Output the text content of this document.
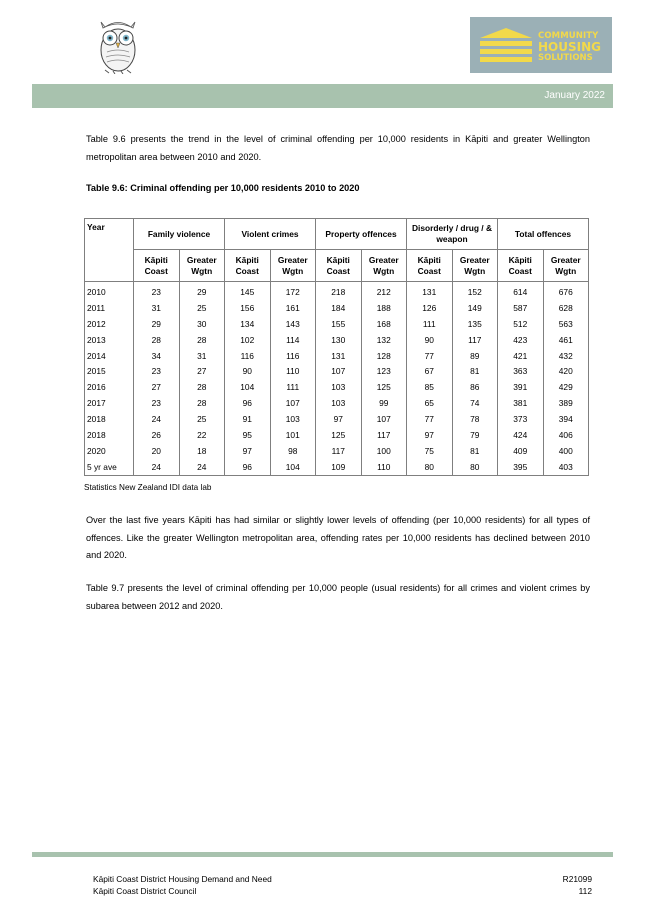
COMMUNITY
HOUSING
SOLUTIONS
January 2022

Table 9.6 presents the trend in the level of criminal offending per 10,000 residents in Kāpiti and greater Wellington metropolitan area between 2010 and 2020.

Table 9.6: Criminal offending per 10,000 residents 2010 to 2020

Year	Family violence		Violent crimes		Property offences		Disorderly / drug / & weapon		Total offences	
	Kāpiti Coast	Greater Wgtn	Kāpiti Coast	Greater Wgtn	Kāpiti Coast	Greater Wgtn	Kāpiti Coast	Greater Wgtn	Kāpiti Coast	Greater Wgtn
2010	23	29	145	172	218	212	131	152	614	676
2011	31	25	156	161	184	188	126	149	587	628
2012	29	30	134	143	155	168	111	135	512	563
2013	28	28	102	114	130	132	90	117	423	461
2014	34	31	116	116	131	128	77	89	421	432
2015	23	27	90	110	107	123	67	81	363	420
2016	27	28	104	111	103	125	85	86	391	429
2017	23	28	96	107	103	99	65	74	381	389
2018	24	25	91	103	97	107	77	78	373	394
2018	26	22	95	101	125	117	97	79	424	406
2020	20	18	97	98	117	100	75	81	409	400
5 yr ave	24	24	96	104	109	110	80	80	395	403

Statistics New Zealand IDI data lab

Over the last five years Kāpiti has had similar or slightly lower levels of offending (per 10,000 residents) for all types of offences. Like the greater Wellington metropolitan area, offending rates per 10,000 residents has declined between 2010 and 2020.

Table 9.7 presents the level of criminal offending per 10,000 people (usual residents) for all crimes and violent crimes by subarea between 2012 and 2020.

Kāpiti Coast District Housing Demand and Need
Kāpiti Coast District Council
R21099
112
